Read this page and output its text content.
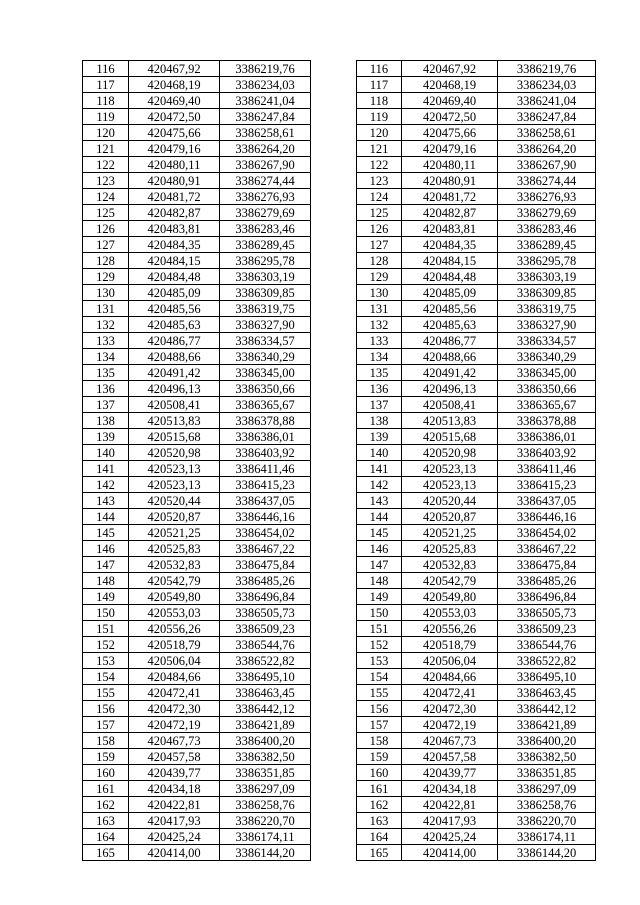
116	420467,92	3386219,76		116	420467,92	3386219,76
117	420468,19	3386234,03		117	420468,19	3386234,03
118	420469,40	3386241,04		118	420469,40	3386241,04
119	420472,50	3386247,84		119	420472,50	3386247,84
120	420475,66	3386258,61		120	420475,66	3386258,61
121	420479,16	3386264,20		121	420479,16	3386264,20
122	420480,11	3386267,90		122	420480,11	3386267,90
123	420480,91	3386274,44		123	420480,91	3386274,44
124	420481,72	3386276,93		124	420481,72	3386276,93
125	420482,87	3386279,69		125	420482,87	3386279,69
126	420483,81	3386283,46		126	420483,81	3386283,46
127	420484,35	3386289,45		127	420484,35	3386289,45
128	420484,15	3386295,78		128	420484,15	3386295,78
129	420484,48	3386303,19		129	420484,48	3386303,19
130	420485,09	3386309,85		130	420485,09	3386309,85
131	420485,56	3386319,75		131	420485,56	3386319,75
132	420485,63	3386327,90		132	420485,63	3386327,90
133	420486,77	3386334,57		133	420486,77	3386334,57
134	420488,66	3386340,29		134	420488,66	3386340,29
135	420491,42	3386345,00		135	420491,42	3386345,00
136	420496,13	3386350,66		136	420496,13	3386350,66
137	420508,41	3386365,67		137	420508,41	3386365,67
138	420513,83	3386378,88		138	420513,83	3386378,88
139	420515,68	3386386,01		139	420515,68	3386386,01
140	420520,98	3386403,92		140	420520,98	3386403,92
141	420523,13	3386411,46		141	420523,13	3386411,46
142	420523,13	3386415,23		142	420523,13	3386415,23
143	420520,44	3386437,05		143	420520,44	3386437,05
144	420520,87	3386446,16		144	420520,87	3386446,16
145	420521,25	3386454,02		145	420521,25	3386454,02
146	420525,83	3386467,22		146	420525,83	3386467,22
147	420532,83	3386475,84		147	420532,83	3386475,84
148	420542,79	3386485,26		148	420542,79	3386485,26
149	420549,80	3386496,84		149	420549,80	3386496,84
150	420553,03	3386505,73		150	420553,03	3386505,73
151	420556,26	3386509,23		151	420556,26	3386509,23
152	420518,79	3386544,76		152	420518,79	3386544,76
153	420506,04	3386522,82		153	420506,04	3386522,82
154	420484,66	3386495,10		154	420484,66	3386495,10
155	420472,41	3386463,45		155	420472,41	3386463,45
156	420472,30	3386442,12		156	420472,30	3386442,12
157	420472,19	3386421,89		157	420472,19	3386421,89
158	420467,73	3386400,20		158	420467,73	3386400,20
159	420457,58	3386382,50		159	420457,58	3386382,50
160	420439,77	3386351,85		160	420439,77	3386351,85
161	420434,18	3386297,09		161	420434,18	3386297,09
162	420422,81	3386258,76		162	420422,81	3386258,76
163	420417,93	3386220,70		163	420417,93	3386220,70
164	420425,24	3386174,11		164	420425,24	3386174,11
165	420414,00	3386144,20		165	420414,00	3386144,20
